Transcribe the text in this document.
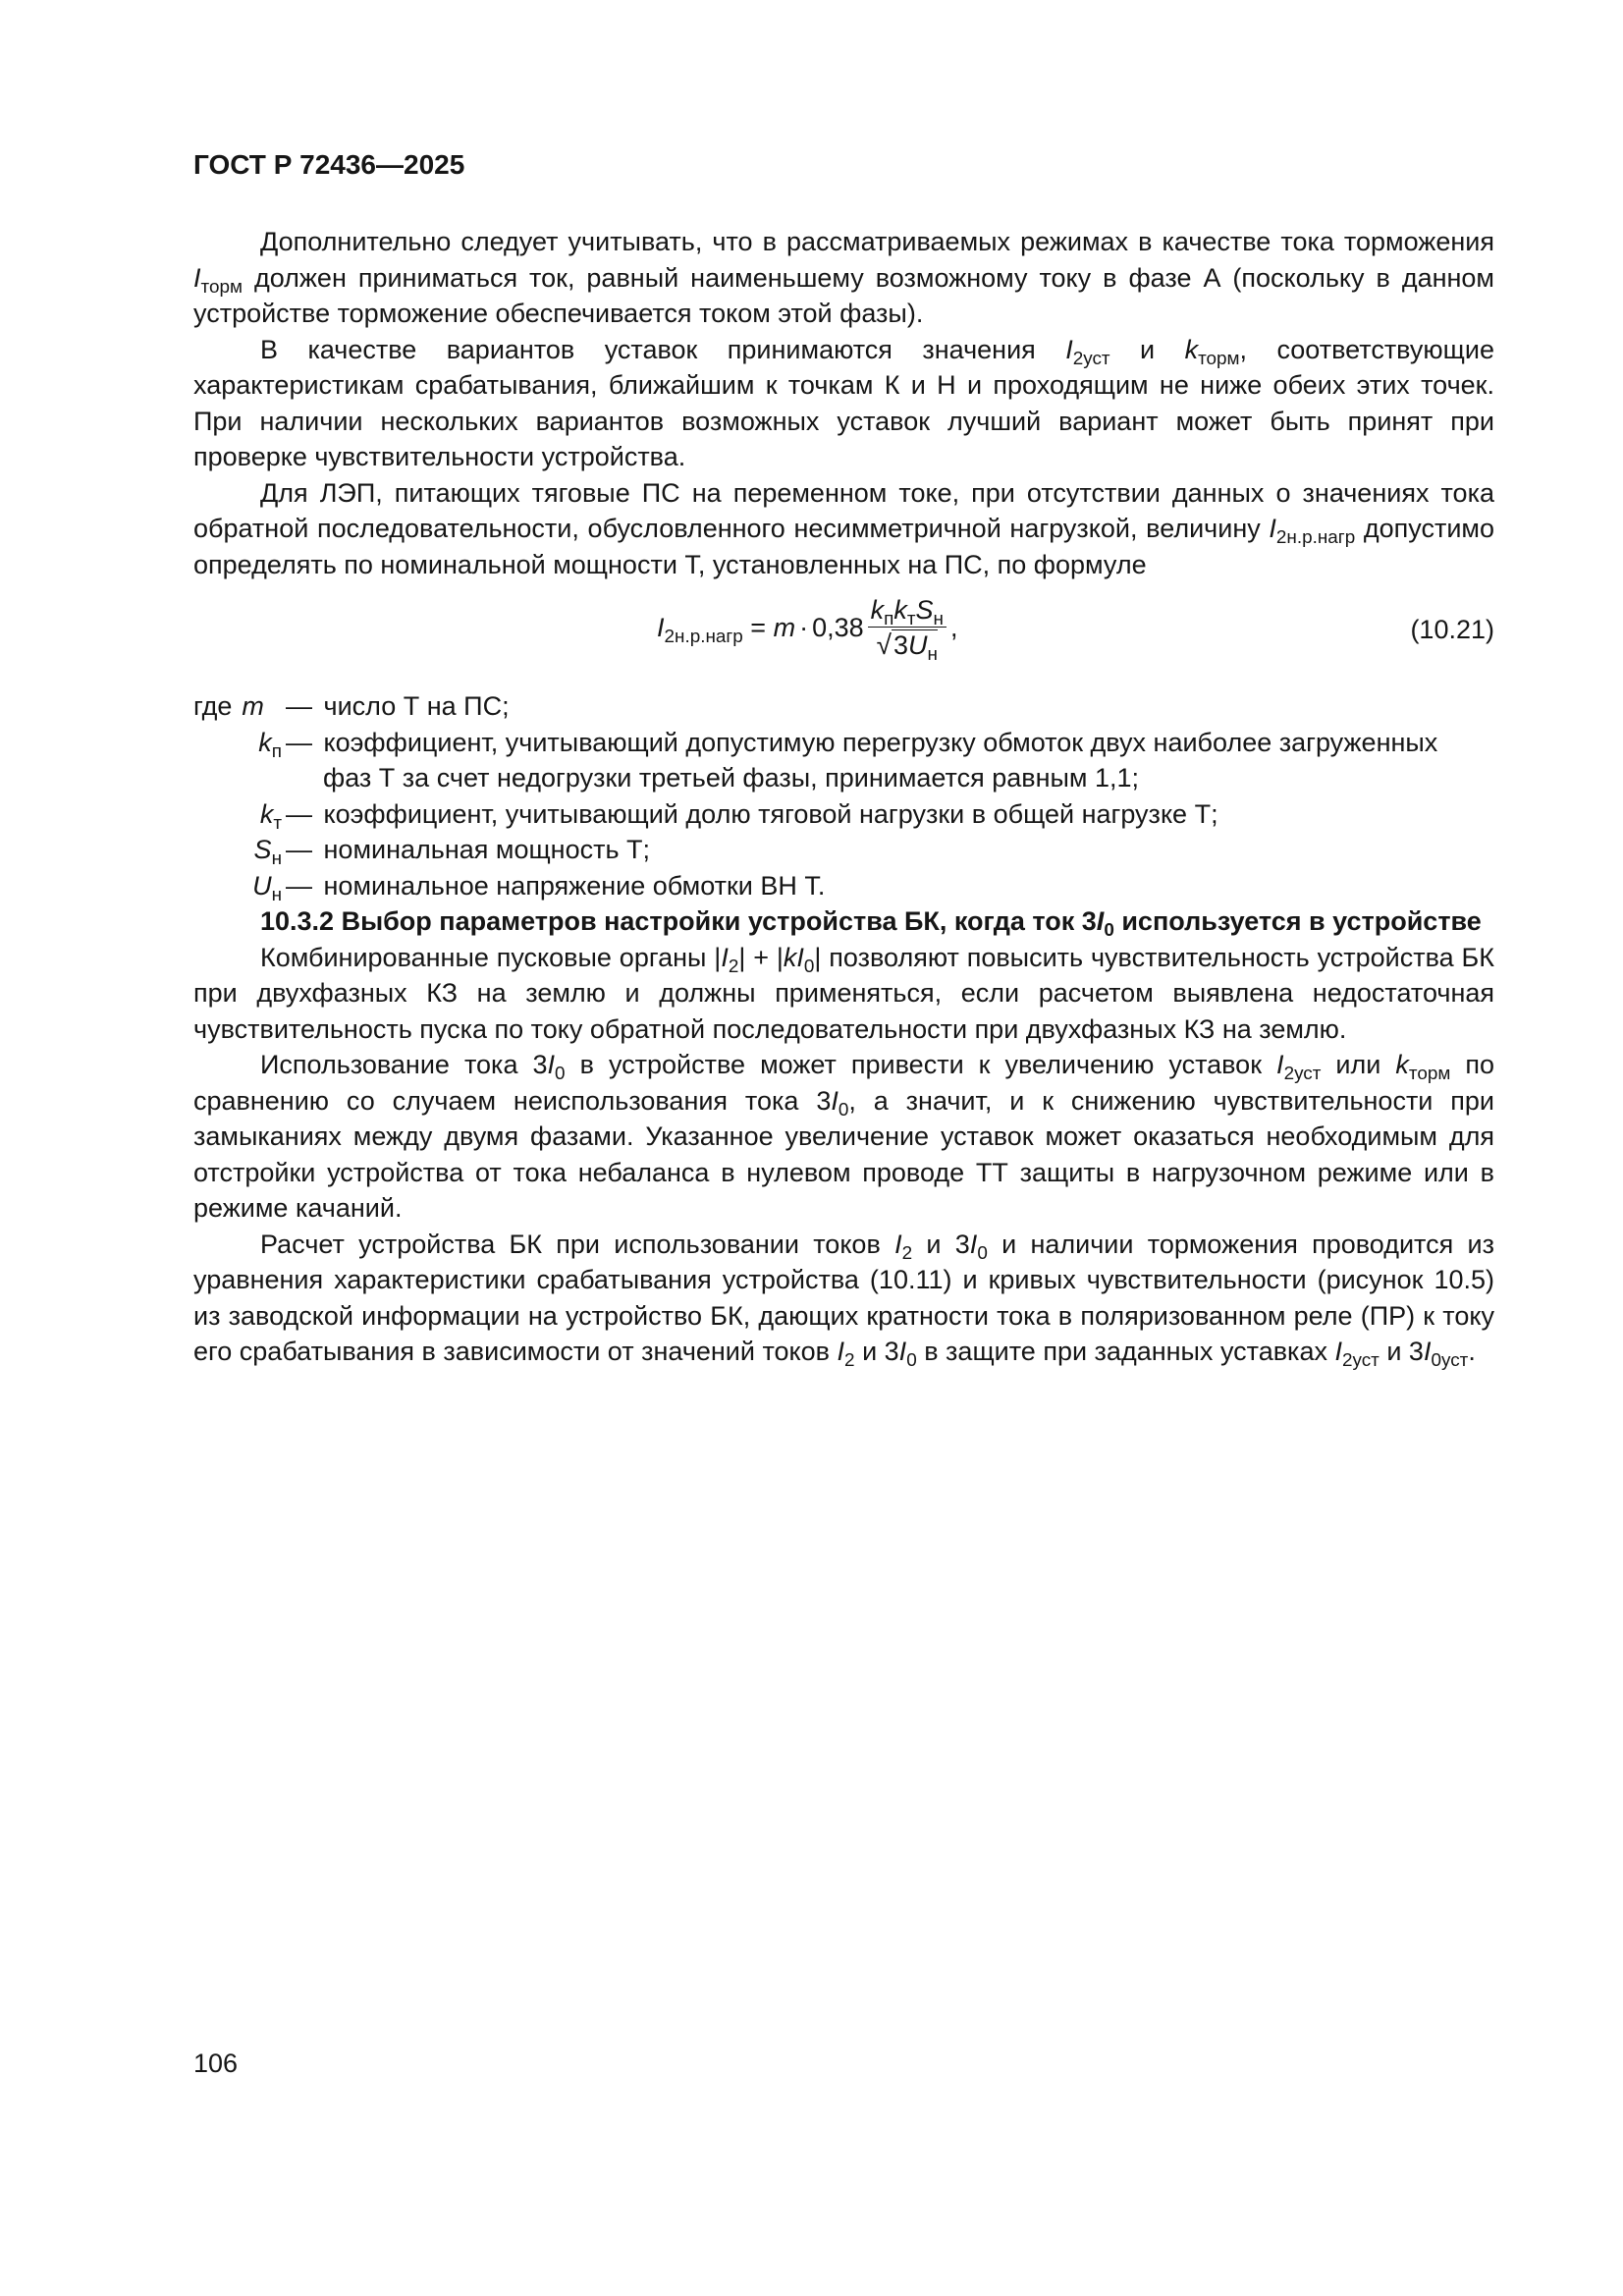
ГОСТ Р 72436—2025

Дополнительно следует учитывать, что в рассматриваемых режимах в качестве тока торможения $I_{торм}$ должен приниматься ток, равный наименьшему возможному току в фазе А (поскольку в данном устройстве торможение обеспечивается током этой фазы).

В качестве вариантов уставок принимаются значения $I_{2уст}$ и $k_{торм}$, соответствующие характеристикам срабатывания, ближайшим к точкам К и Н и проходящим не ниже обеих этих точек. При наличии нескольких вариантов возможных уставок лучший вариант может быть принят при проверке чувствительности устройства.

Для ЛЭП, питающих тяговые ПС на переменном токе, при отсутствии данных о значениях тока обратной последовательности, обусловленного несимметричной нагрузкой, величину $I_{2н.р.нагр}$ допустимо определять по номинальной мощности Т, установленных на ПС, по формуле

$I_{2н.р.нагр} = m \cdot 0,38 \frac{k_пk_тS_н}{√3U_н}$ ,	(10.21)
где m — число Т на ПС;
$k_п$ — коэффициент, учитывающий допустимую перегрузку обмоток двух наиболее загруженных
фаз Т за счет недогрузки третьей фазы, принимается равным 1,1;
$k_т$ — коэффициент, учитывающий долю тяговой нагрузки в общей нагрузке Т;
$S_н$ — номинальная мощность Т;
$U_н$ — номинальное напряжение обмотки ВН Т.

10.3.2 Выбор параметров настройки устройства БК, когда ток $3I_0$ используется в устройстве

Комбинированные пусковые органы $|I_2| + |kI_0|$ позволяют повысить чувствительность устройства БК при двухфазных КЗ на землю и должны применяться, если расчетом выявлена недостаточная чувствительность пуска по току обратной последовательности при двухфазных КЗ на землю.

Использование тока $3I_0$ в устройстве может привести к увеличению уставок $I_{2уст}$ или $k_{торм}$ по сравнению со случаем неиспользования тока $3I_0$, а значит, и к снижению чувствительности при замыканиях между двумя фазами. Указанное увеличение уставок может оказаться необходимым для отстройки устройства от тока небаланса в нулевом проводе ТТ защиты в нагрузочном режиме или в режиме качаний.

Расчет устройства БК при использовании токов $I_2$ и $3I_0$ и наличии торможения проводится из уравнения характеристики срабатывания устройства (10.11) и кривых чувствительности (рисунок 10.5) из заводской информации на устройство БК, дающих кратности тока в поляризованном реле (ПР) к току его срабатывания в зависимости от значений токов $I_2$ и $3I_0$ в защите при заданных уставках $I_{2уст}$ и $3I_{0уст}$.

106
